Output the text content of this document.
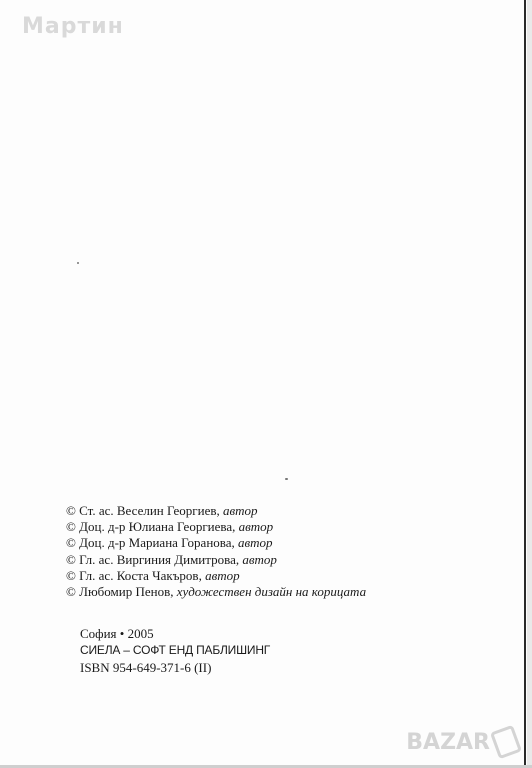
Мартин
© Ст. ас. Веселин Георгиев, автор
© Доц. д-р Юлиана Георгиева, автор
© Доц. д-р Мариана Горанова, автор
© Гл. ас. Виргиния Димитрова, автор
© Гл. ас. Коста Чакъров, автор
© Любомир Пенов, художествен дизайн на корицата
София • 2005
СИЕЛА – СОФТ ЕНД ПАБЛИШИНГ
ISBN 954-649-371-6 (II)
BAZAR
